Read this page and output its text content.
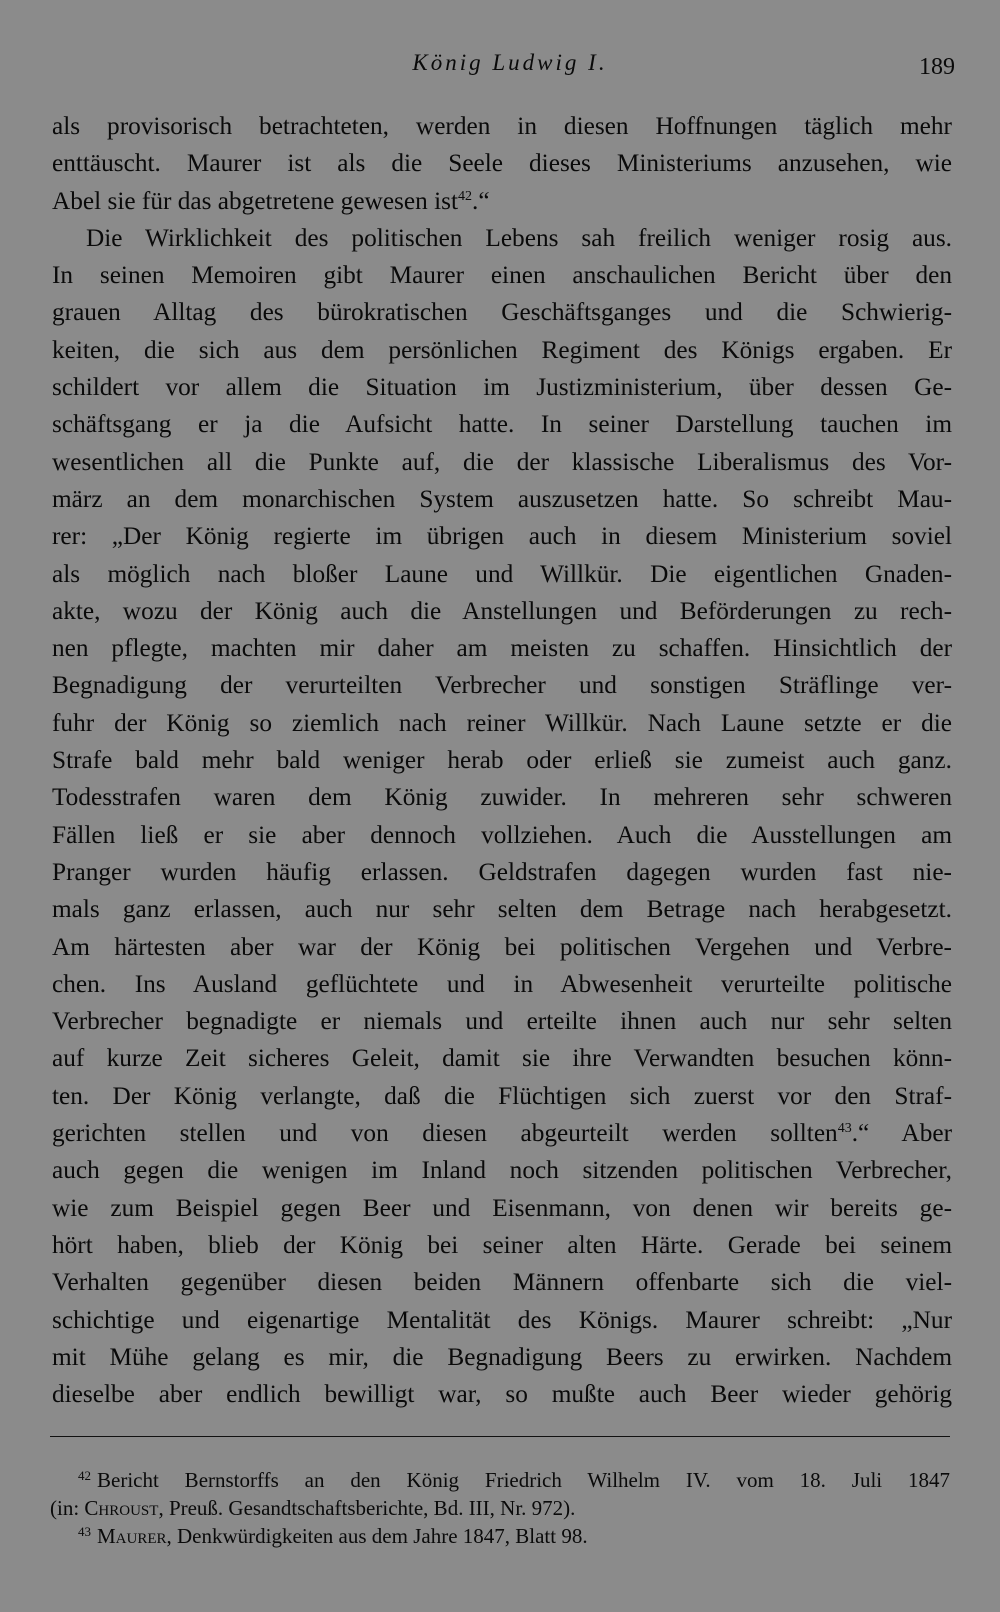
König Ludwig I.	189
als provisorisch betrachteten, werden in diesen Hoffnungen täglich mehr
enttäuscht. Maurer ist als die Seele dieses Ministeriums anzusehen, wie
Abel sie für das abgetretene gewesen ist$^{42}$.“
Die Wirklichkeit des politischen Lebens sah freilich weniger rosig aus.
In seinen Memoiren gibt Maurer einen anschaulichen Bericht über den
grauen Alltag des bürokratischen Geschäftsganges und die Schwierig-
keiten, die sich aus dem persönlichen Regiment des Königs ergaben. Er
schildert vor allem die Situation im Justizministerium, über dessen Ge-
schäftsgang er ja die Aufsicht hatte. In seiner Darstellung tauchen im
wesentlichen all die Punkte auf, die der klassische Liberalismus des Vor-
märz an dem monarchischen System auszusetzen hatte. So schreibt Mau-
rer: „Der König regierte im übrigen auch in diesem Ministerium soviel
als möglich nach bloßer Laune und Willkür. Die eigentlichen Gnaden-
akte, wozu der König auch die Anstellungen und Beförderungen zu rech-
nen pflegte, machten mir daher am meisten zu schaffen. Hinsichtlich der
Begnadigung der verurteilten Verbrecher und sonstigen Sträflinge ver-
fuhr der König so ziemlich nach reiner Willkür. Nach Laune setzte er die
Strafe bald mehr bald weniger herab oder erließ sie zumeist auch ganz.
Todesstrafen waren dem König zuwider. In mehreren sehr schweren
Fällen ließ er sie aber dennoch vollziehen. Auch die Ausstellungen am
Pranger wurden häufig erlassen. Geldstrafen dagegen wurden fast nie-
mals ganz erlassen, auch nur sehr selten dem Betrage nach herabgesetzt.
Am härtesten aber war der König bei politischen Vergehen und Verbre-
chen. Ins Ausland geflüchtete und in Abwesenheit verurteilte politische
Verbrecher begnadigte er niemals und erteilte ihnen auch nur sehr selten
auf kurze Zeit sicheres Geleit, damit sie ihre Verwandten besuchen könn-
ten. Der König verlangte, daß die Flüchtigen sich zuerst vor den Straf-
gerichten stellen und von diesen abgeurteilt werden sollten$^{43}$.“ Aber
auch gegen die wenigen im Inland noch sitzenden politischen Verbrecher,
wie zum Beispiel gegen Beer und Eisenmann, von denen wir bereits ge-
hört haben, blieb der König bei seiner alten Härte. Gerade bei seinem
Verhalten gegenüber diesen beiden Männern offenbarte sich die viel-
schichtige und eigenartige Mentalität des Königs. Maurer schreibt: „Nur
mit Mühe gelang es mir, die Begnadigung Beers zu erwirken. Nachdem
dieselbe aber endlich bewilligt war, so mußte auch Beer wieder gehörig
$^{42}$ Bericht Bernstorffs an den König Friedrich Wilhelm IV. vom 18. Juli 1847
(in: Chroust, Preuß. Gesandtschaftsberichte, Bd. III, Nr. 972).
$^{43}$ Maurer, Denkwürdigkeiten aus dem Jahre 1847, Blatt 98.
